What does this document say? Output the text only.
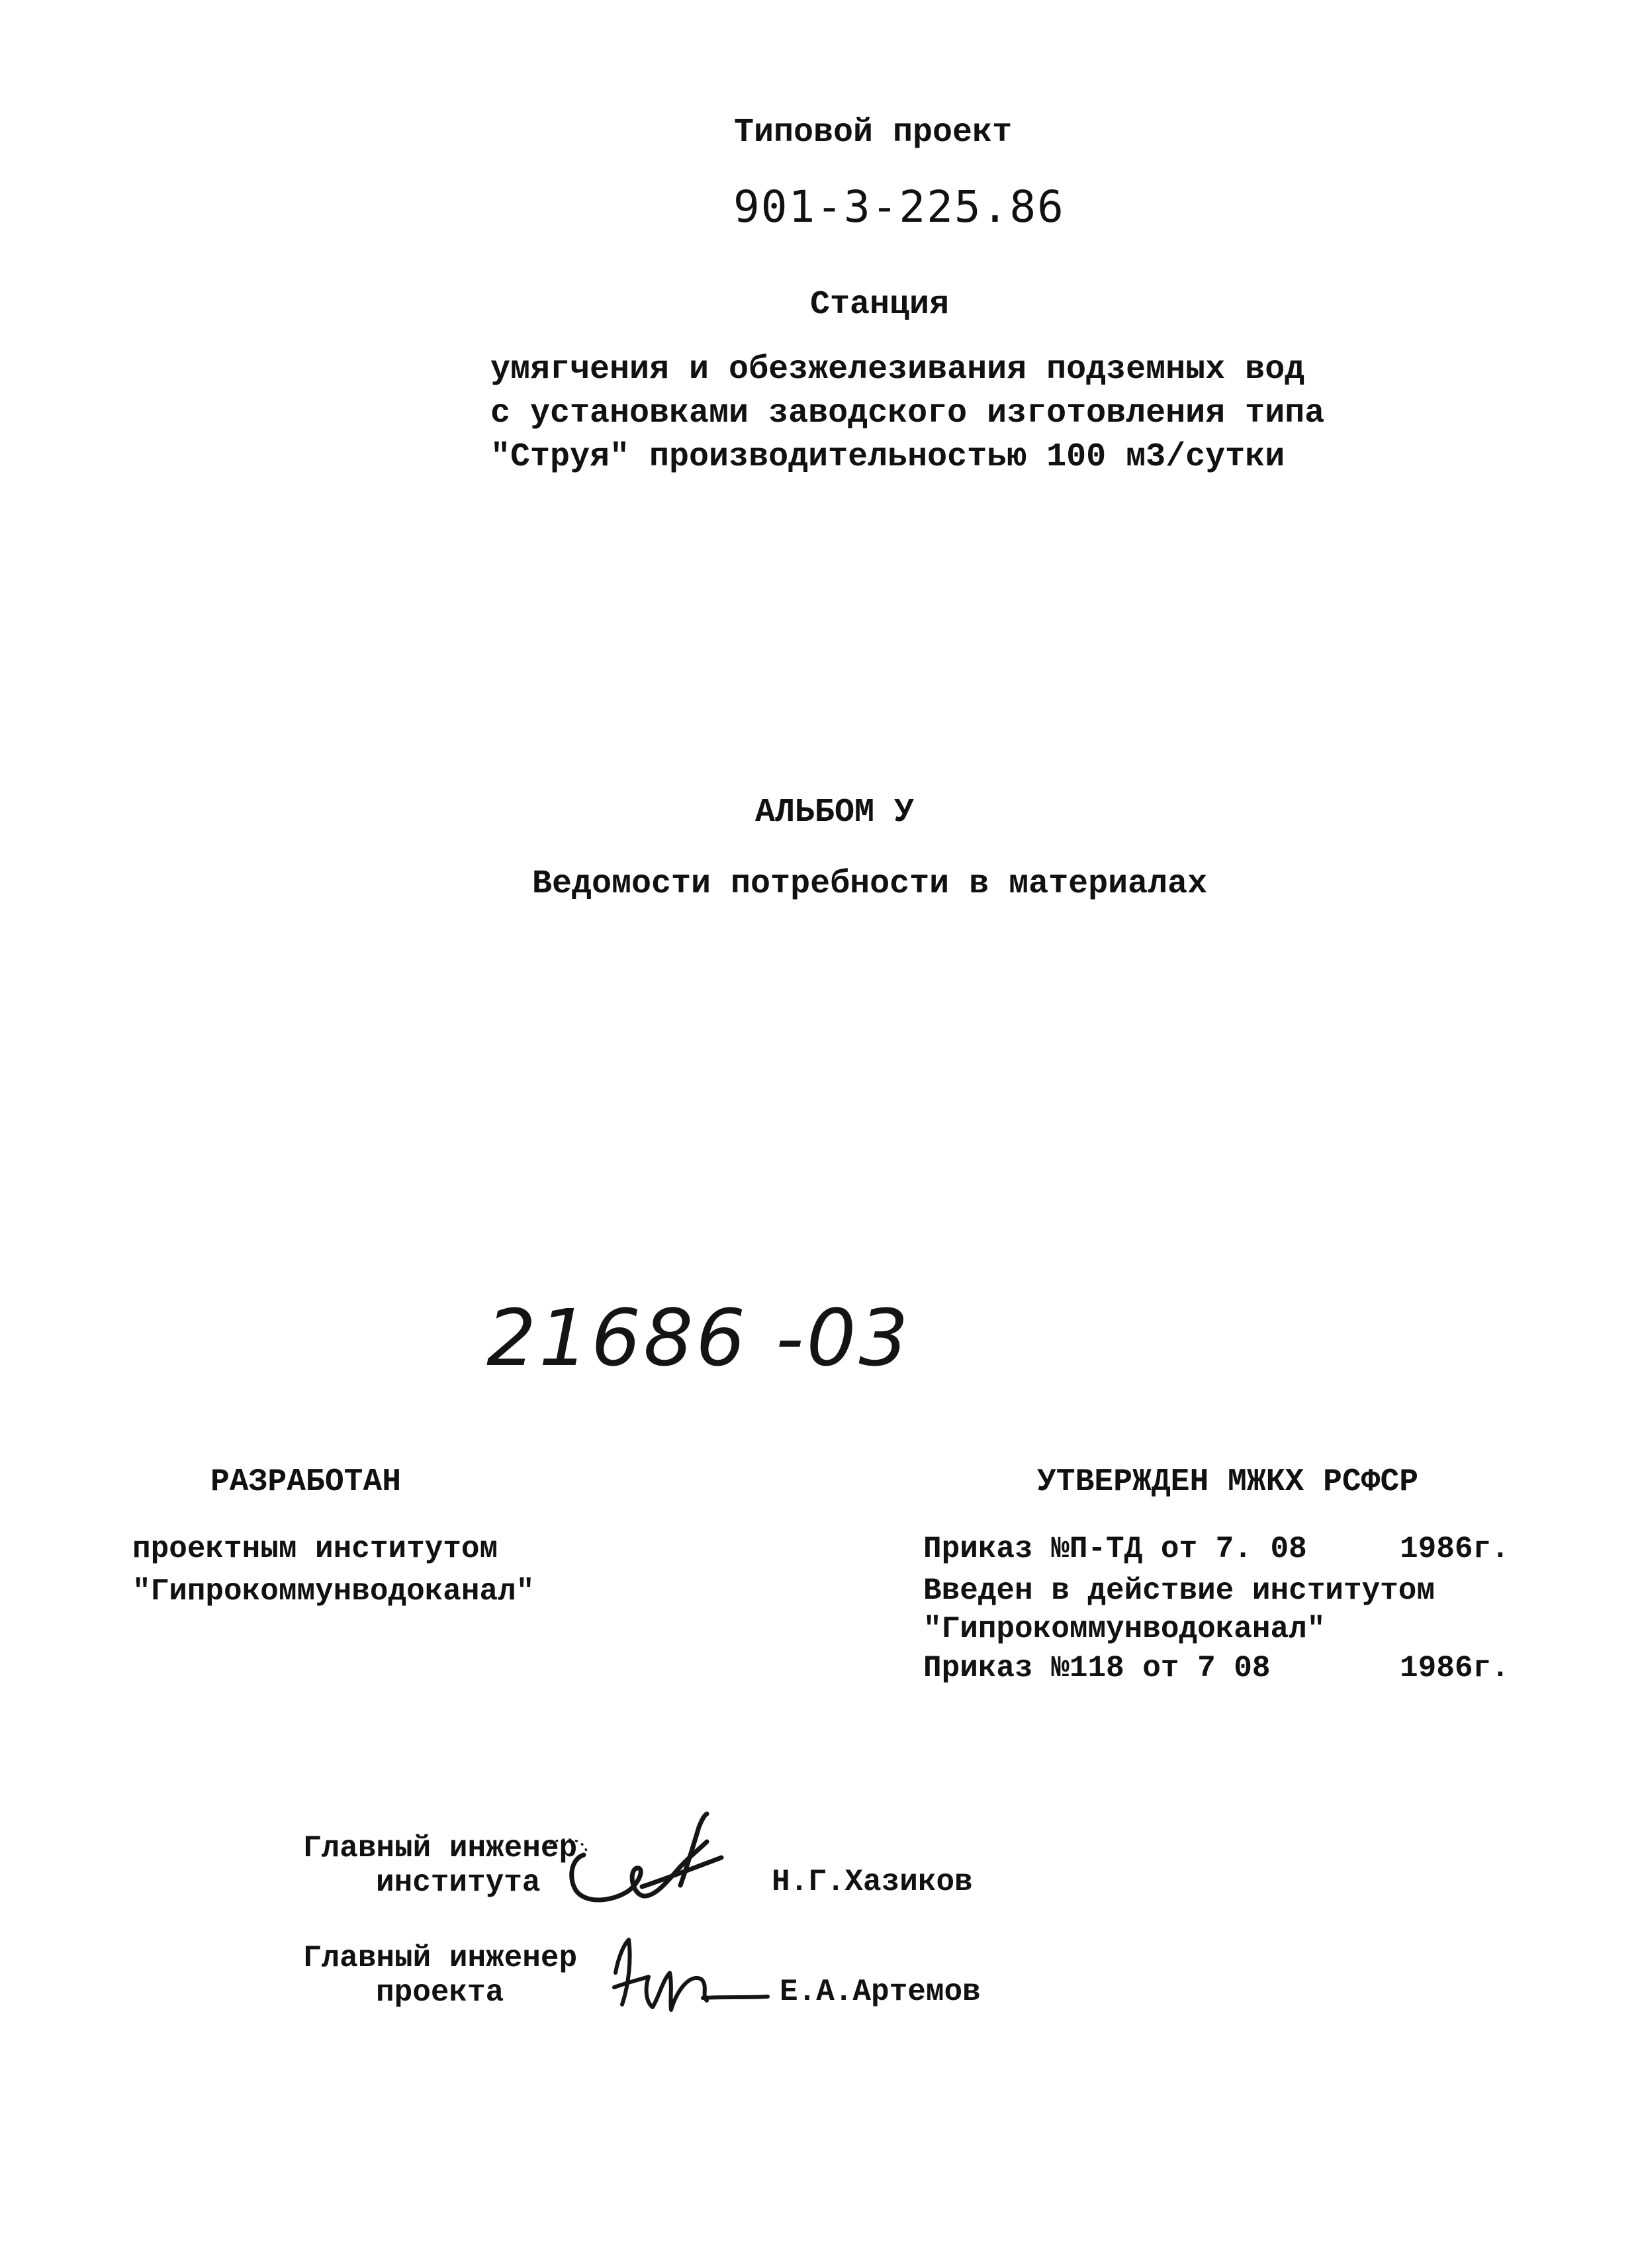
Типовой проект
901-3-225.86
Станция
умягчения и обезжелезивания подземных вод
с установками заводского изготовления типа
"Струя" производительностью 100 м3/сутки
АЛЬБОМ У
Ведомости потребности в материалах
21686 -03
РАЗРАБОТАН
проектным институтом
"Гипрокоммунводоканал"
УТВЕРЖДЕН МЖКХ РСФСР
Приказ №П-ТД от 7. 08	1986г.
Введен в действие институтом
"Гипрокоммунводоканал"
Приказ №118 от 7 08	1986г.
Главный инженер
института	Н.Г.Хазиков
Главный инженер
проекта	Е.А.Артемов
